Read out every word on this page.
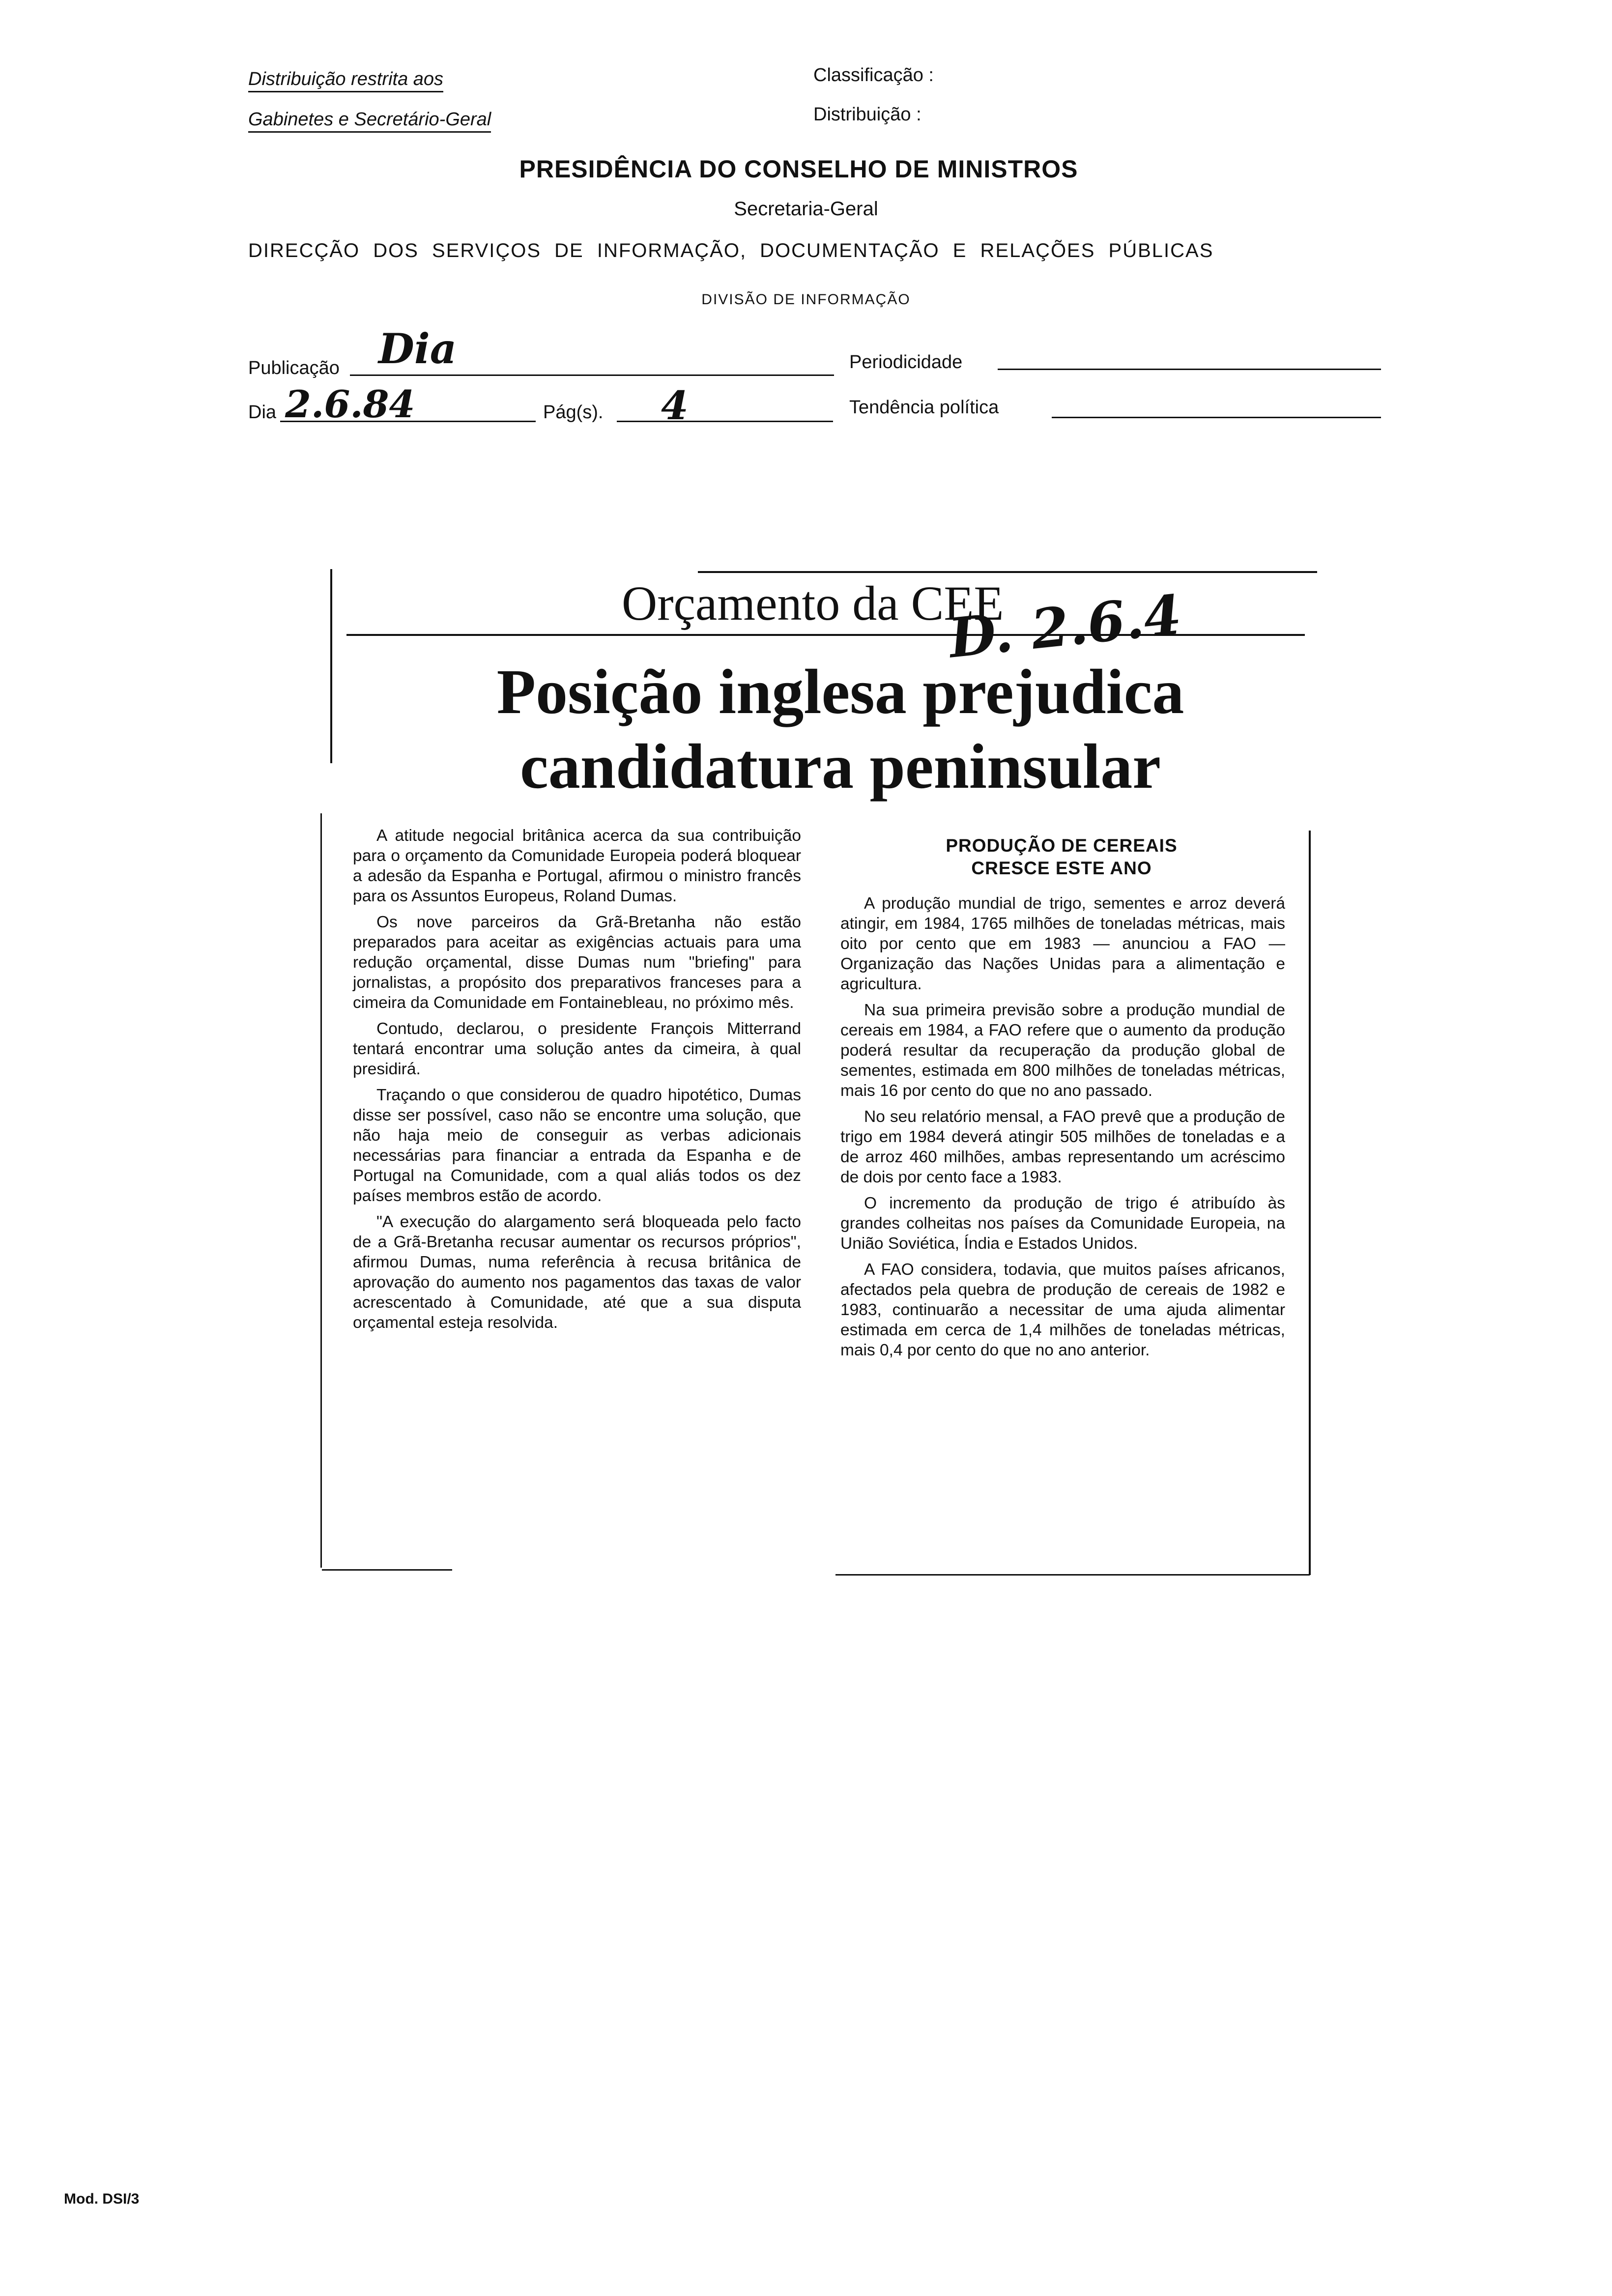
Distribuição restrita aos
Gabinetes e Secretário-Geral
Classificação :
Distribuição :
PRESIDÊNCIA DO CONSELHO DE MINISTROS
Secretaria-Geral
DIRECÇÃO DOS SERVIÇOS DE INFORMAÇÃO, DOCUMENTAÇÃO E RELAÇÕES PÚBLICAS
DIVISÃO DE INFORMAÇÃO
Publicação Dia	Periodicidade
Dia 2.6.84	Pág(s). 4	Tendência política
Orçamento da CEE
D. 2.6.4
Posição inglesa prejudica
candidatura peninsular

A atitude negocial britânica acerca da sua contribuição para o orçamento da Comunidade Europeia poderá bloquear a adesão da Espanha e Portugal, afirmou o ministro francês para os Assuntos Europeus, Roland Dumas.

Os nove parceiros da Grã-Bretanha não estão preparados para aceitar as exigências actuais para uma redução orçamental, disse Dumas num "briefing" para jornalistas, a propósito dos preparativos franceses para a cimeira da Comunidade em Fontainebleau, no próximo mês.

Contudo, declarou, o presidente François Mitterrand tentará encontrar uma solução antes da cimeira, à qual presidirá.

Traçando o que considerou de quadro hipotético, Dumas disse ser possível, caso não se encontre uma solução, que não haja meio de conseguir as verbas adicionais necessárias para financiar a entrada da Espanha e de Portugal na Comunidade, com a qual aliás todos os dez países membros estão de acordo.

"A execução do alargamento será bloqueada pelo facto de a Grã-Bretanha recusar aumentar os recursos próprios", afirmou Dumas, numa referência à recusa britânica de aprovação do aumento nos pagamentos das taxas de valor acrescentado à Comunidade, até que a sua disputa orçamental esteja resolvida.

PRODUÇÃO DE CEREAIS
CRESCE ESTE ANO

A produção mundial de trigo, sementes e arroz deverá atingir, em 1984, 1765 milhões de toneladas métricas, mais oito por cento que em 1983 — anunciou a FAO — Organização das Nações Unidas para a alimentação e agricultura.

Na sua primeira previsão sobre a produção mundial de cereais em 1984, a FAO refere que o aumento da produção poderá resultar da recuperação da produção global de sementes, estimada em 800 milhões de toneladas métricas, mais 16 por cento do que no ano passado.

No seu relatório mensal, a FAO prevê que a produção de trigo em 1984 deverá atingir 505 milhões de toneladas e a de arroz 460 milhões, ambas representando um acréscimo de dois por cento face a 1983.

O incremento da produção de trigo é atribuído às grandes colheitas nos países da Comunidade Europeia, na União Soviética, Índia e Estados Unidos.

A FAO considera, todavia, que muitos países africanos, afectados pela quebra de produção de cereais de 1982 e 1983, continuarão a necessitar de uma ajuda alimentar estimada em cerca de 1,4 milhões de toneladas métricas, mais 0,4 por cento do que no ano anterior.

Mod. DSI/3
